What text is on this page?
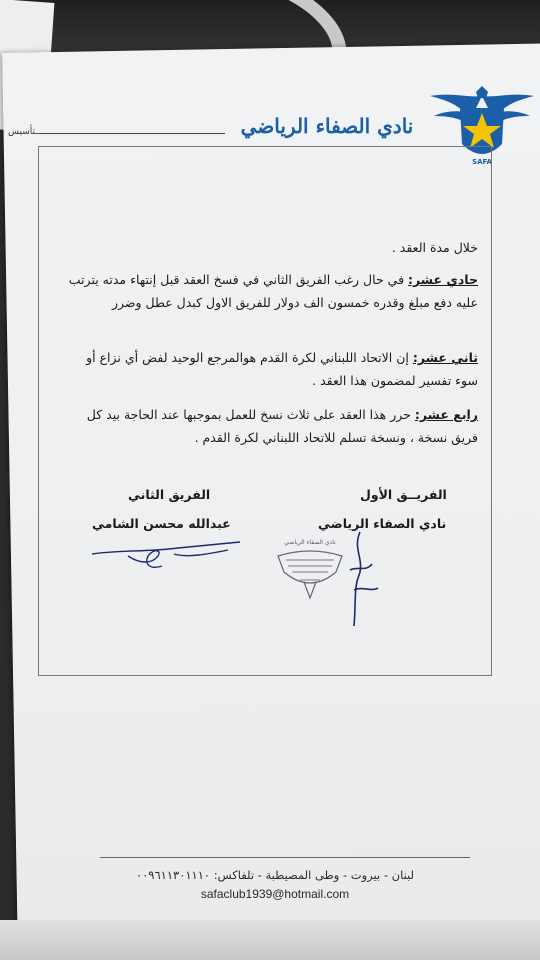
ـــتأسيس	نادي الصفاء الرياضي
SAFA
خلال مدة العقد .
حادي عشر: في حال رغب الفريق الثاني في فسخ العقد قبل إنتهاء مدته يترتب عليه دفع مبلغ وقدره خمسون الف دولار للفريق الاول كبدل عطل وضرر
ثاني عشر: إن الاتحاد اللبناني لكرة القدم هوالمرجع الوحيد لفض أي نزاع أو سوء تفسير لمضمون هذا العقد .
رابع عشر: حرر هذا العقد على ثلاث نسخ للعمل بموجبها عند الحاجة بيد كل فريق نسخة ، ونسخة تسلم للاتحاد اللبناني لكرة القدم .
الفريــق الأول
نادي الصفاء الرياضي
الفريق الثاني
عبدالله محسن الشامي
نادي الصفاء الرياضي
لبنان - بيروت - وطى المصيطبة - تلفاكس: ٠٠٩٦١١٣٠١١١٠
safaclub1939@hotmail.com
